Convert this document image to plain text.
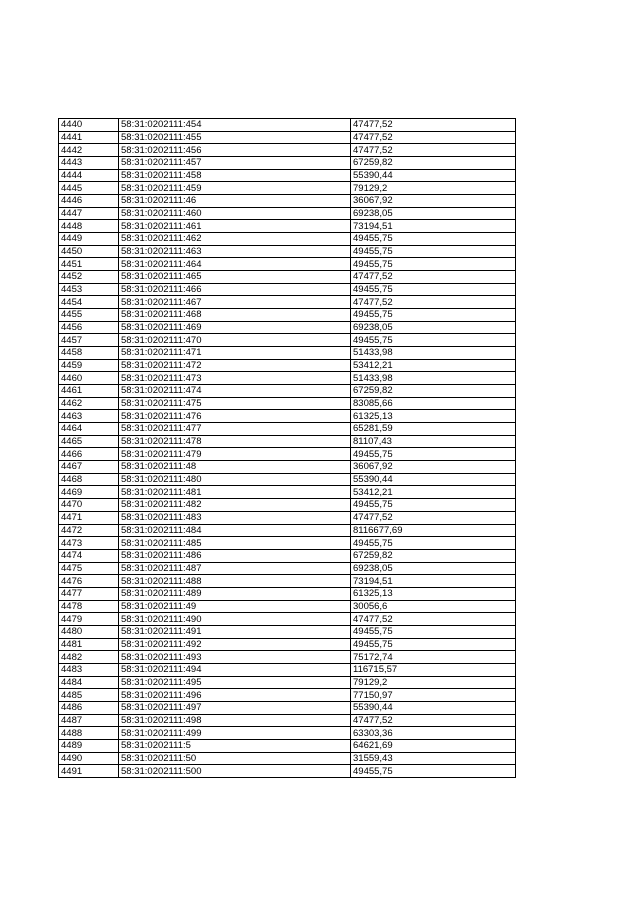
4440	58:31:0202111:454	47477,52
4441	58:31:0202111:455	47477,52
4442	58:31:0202111:456	47477,52
4443	58:31:0202111:457	67259,82
4444	58:31:0202111:458	55390,44
4445	58:31:0202111:459	79129,2
4446	58:31:0202111:46	36067,92
4447	58:31:0202111:460	69238,05
4448	58:31:0202111:461	73194,51
4449	58:31:0202111:462	49455,75
4450	58:31:0202111:463	49455,75
4451	58:31:0202111:464	49455,75
4452	58:31:0202111:465	47477,52
4453	58:31:0202111:466	49455,75
4454	58:31:0202111:467	47477,52
4455	58:31:0202111:468	49455,75
4456	58:31:0202111:469	69238,05
4457	58:31:0202111:470	49455,75
4458	58:31:0202111:471	51433,98
4459	58:31:0202111:472	53412,21
4460	58:31:0202111:473	51433,98
4461	58:31:0202111:474	67259,82
4462	58:31:0202111:475	83085,66
4463	58:31:0202111:476	61325,13
4464	58:31:0202111:477	65281,59
4465	58:31:0202111:478	81107,43
4466	58:31:0202111:479	49455,75
4467	58:31:0202111:48	36067,92
4468	58:31:0202111:480	55390,44
4469	58:31:0202111:481	53412,21
4470	58:31:0202111:482	49455,75
4471	58:31:0202111:483	47477,52
4472	58:31:0202111:484	8116677,69
4473	58:31:0202111:485	49455,75
4474	58:31:0202111:486	67259,82
4475	58:31:0202111:487	69238,05
4476	58:31:0202111:488	73194,51
4477	58:31:0202111:489	61325,13
4478	58:31:0202111:49	30056,6
4479	58:31:0202111:490	47477,52
4480	58:31:0202111:491	49455,75
4481	58:31:0202111:492	49455,75
4482	58:31:0202111:493	75172,74
4483	58:31:0202111:494	116715,57
4484	58:31:0202111:495	79129,2
4485	58:31:0202111:496	77150,97
4486	58:31:0202111:497	55390,44
4487	58:31:0202111:498	47477,52
4488	58:31:0202111:499	63303,36
4489	58:31:0202111:5	64621,69
4490	58:31:0202111:50	31559,43
4491	58:31:0202111:500	49455,75
